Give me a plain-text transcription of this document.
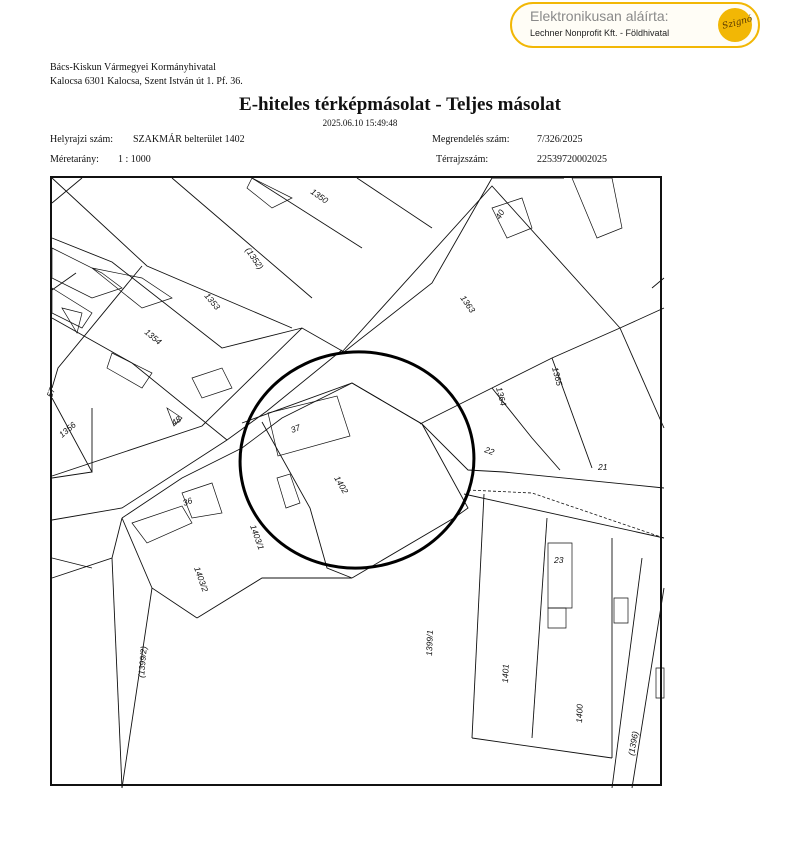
Elektronikusan aláírta:
Lechner Nonprofit Kft. - Földhivatal
Szignó
Bács-Kiskun Vármegyei Kormányhivatal
Kalocsa 6301 Kalocsa, Szent István út 1. Pf. 36.
E-hiteles térképmásolat - Teljes másolat
2025.06.10 15:49:48
Helyrajzi szám: SZAKMÁR belterület 1402	Megrendelés szám:	7/326/2025
Méretarány: 1 : 1000	Térrajzszám:	22539720002025
1350
(1352)
1353
1354
1356
57
48
40
1363
1364
1365
37
1402
22
21
36
1403/1
1403/2
23
1399/1
(1399/2)	1401
1400
(1396)
